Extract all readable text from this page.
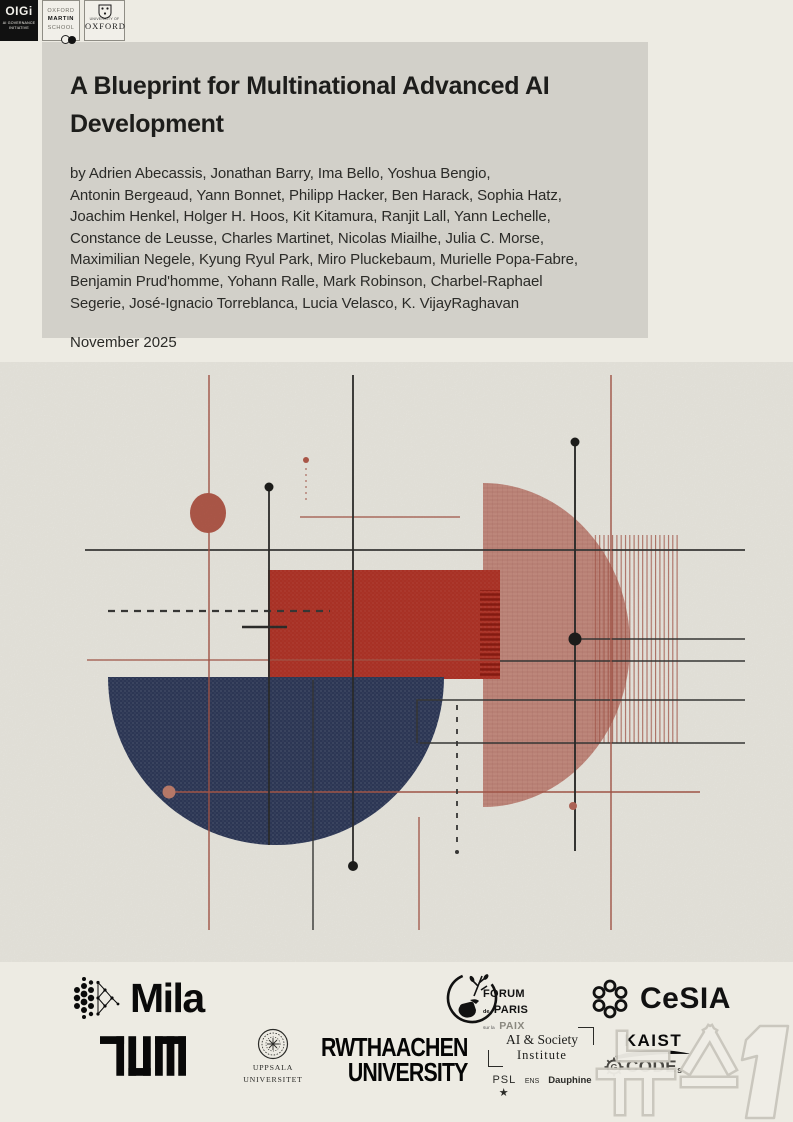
A Blueprint for Multinational Advanced AI Development
by Adrien Abecassis, Jonathan Barry, Ima Bello, Yoshua Bengio,
Antonin Bergeaud, Yann Bonnet, Philipp Hacker, Ben Harack, Sophia Hatz,
Joachim Henkel, Holger H. Hoos, Kit Kitamura, Ranjit Lall, Yann Lechelle,
Constance de Leusse, Charles Martinet, Nicolas Miailhe, Julia C. Morse,
Maximilian Negele, Kyung Ryul Park, Miro Pluckebaum, Murielle Popa-Fabre,
Benjamin Prud'homme, Yohann Ralle, Mark Robinson, Charbel-Raphael
Segerie, José-Ignacio Torreblanca, Lucia Velasco, K. VijayRaghavan
November 2025
Mila
OIGi
AI GOVERNANCE
INITIATIVE
OXFORD
MARTIN
SCHOOL
UNIVERSITY OF
OXFORD
FORUM
de PARIS
sur la PAIX
CeSIA
UPPSALA
UNIVERSITET
RWTHAACHEN
UNIVERSITY
AI & Society
Institute
PSL ★
ENS Dauphine
KAIST
G CODE s
